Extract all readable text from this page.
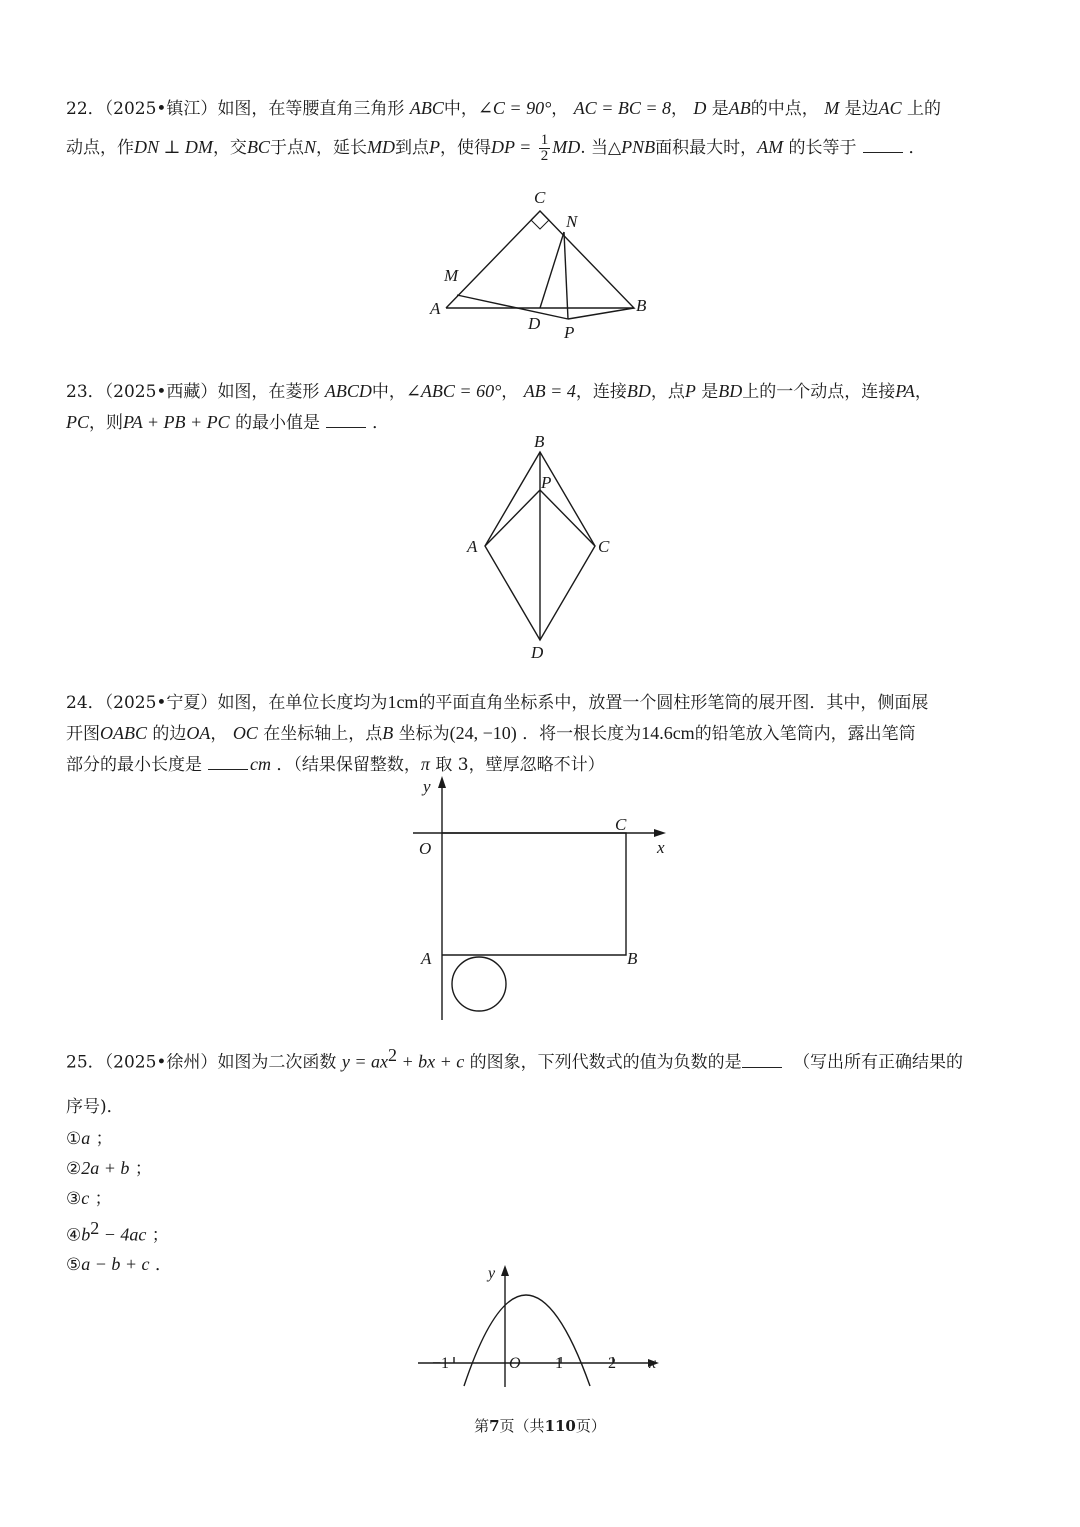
22．（2025•镇江）如图，在等腰直角三角形 ABC中，∠C = 90°， AC = BC = 8， D 是AB的中点， M 是边AC 上的
动点，作DN ⊥ DM，交BC于点N，延长MD到点P，使得DP = $\frac{1}{2}$ MD. 当△PNB面积最大时，AM 的长等于	．
C
N
M
A
D P
B
23．（2025•西藏）如图，在菱形 ABCD中，∠ABC = 60°， AB = 4，连接BD，点P 是BD上的一个动点，连接PA，
PC，则PA + PB + PC 的最小值是	．
B
P
A	C
D
24．（2025•宁夏）如图，在单位长度均为1cm的平面直角坐标系中，放置一个圆柱形笔筒的展开图．其中，侧面展
开图OABC 的边OA， OC 在坐标轴上，点B 坐标为(24, −10) ．将一根长度为14.6cm的铅笔放入笔筒内，露出笔筒
部分的最小长度是	cm ．（结果保留整数，π 取 3，壁厚忽略不计）
y
x
O
C
A	B
25．（2025•徐州）如图为二次函数 $y = ax^2$ + bx + c 的图象，下列代数式的值为负数的是	（写出所有正确结果的
序号)．
①a ；
②2a + b ；
③c ；
$④b^2 - 4ac$ ；
⑤a − b + c ．	y
x
O
−1	1	2
第7页（共110页）
